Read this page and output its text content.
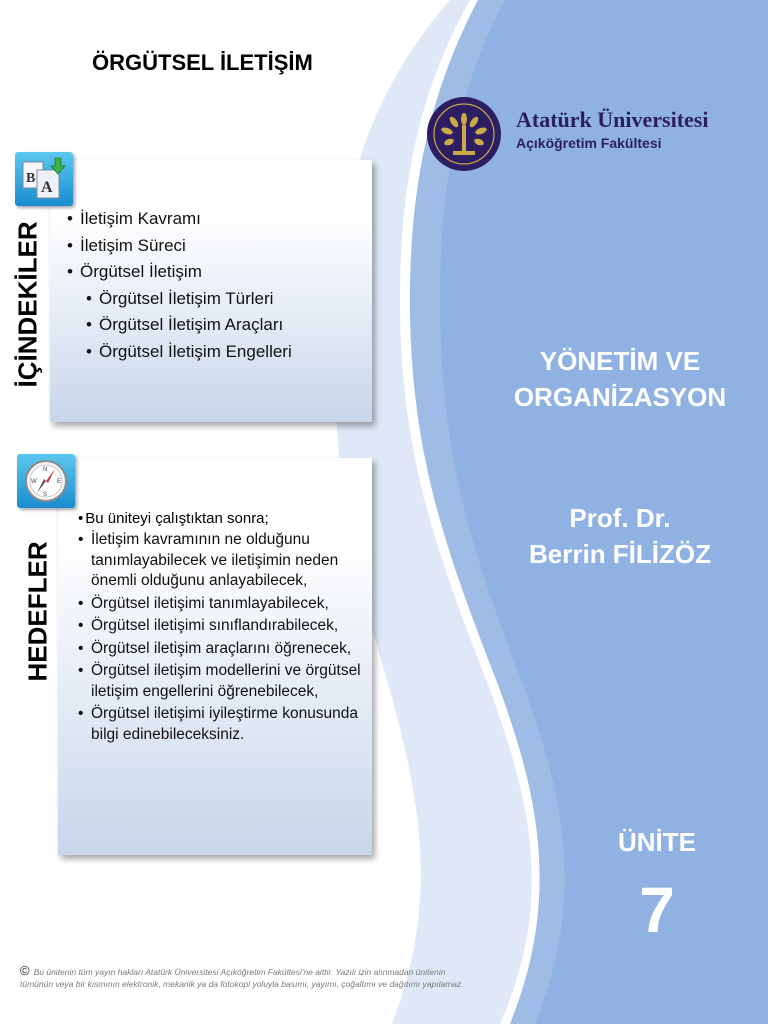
ÖRGÜTSEL İLETİŞİM
Atatürk Üniversitesi
Açıköğretim Fakültesi
İÇİNDEKİLER
• İletişim Kavramı
• İletişim Süreci
• Örgütsel İletişim
• Örgütsel İletişim Türleri
• Örgütsel İletişim Araçları
• Örgütsel İletişim Engelleri
B
A
HEDEFLER
• Bu üniteyi çalıştıktan sonra;
• İletişim kavramının ne olduğunu tanımlayabilecek ve iletişimin neden önemli olduğunu anlayabilecek,
• Örgütsel iletişimi tanımlayabilecek,
• Örgütsel iletişimi sınıflandırabilecek,
• Örgütsel iletişim araçlarını öğrenecek,
• Örgütsel iletişim modellerini ve örgütsel iletişim engellerini öğrenebilecek,
• Örgütsel iletişimi iyileştirme konusunda bilgi edinebileceksiniz.
N
S
W	E
YÖNETİM VE
ORGANİZASYON
Prof. Dr.
Berrin FİLİZÖZ
ÜNİTE
7
© Bu ünitenin tüm yayın hakları Atatürk Üniversitesi Açıköğretim Fakültesi'ne aittir. Yazılı izin alınmadan ünitenin tümünün veya bir kısmının elektronik, mekanik ya da fotokopi yoluyla basımı, yayımı, çoğaltımı ve dağıtımı yapılamaz.
